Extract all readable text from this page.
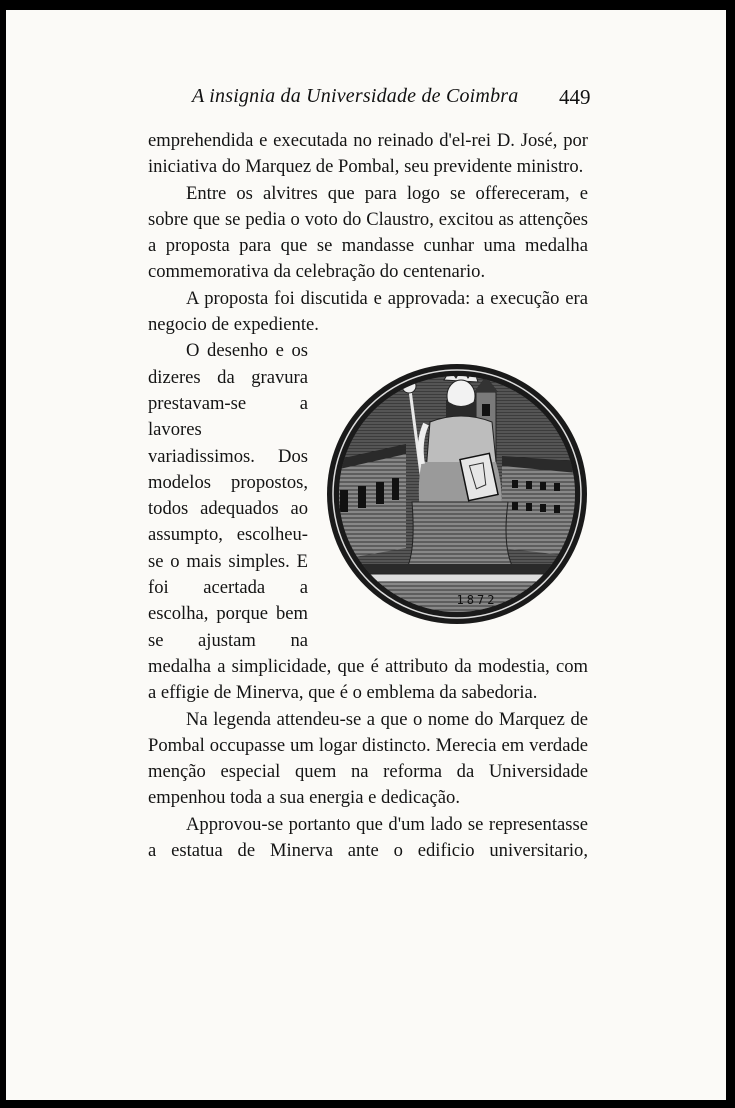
A insignia da Universidade de Coimbra 449

emprehendida e executada no reinado d'el-rei D. José, por iniciativa do Marquez de Pombal, seu previdente ministro.

Entre os alvitres que para logo se offereceram, e sobre que se pedia o voto do Claustro, excitou as attenções a proposta para que se mandasse cunhar uma medalha commemorativa da celebração do centenario.

A proposta foi discutida e approvada: a execução era negocio de expediente.

1872

O desenho e os dizeres da gravura prestavam-se a lavores variadissimos. Dos modelos propostos, todos adequados ao assumpto, escolheu-se o mais simples. E foi acertada a escolha, porque bem se ajustam na medalha a simplicidade, que é attributo da modestia, com a effigie de Minerva, que é o emblema da sabedoria.

Na legenda attendeu-se a que o nome do Marquez de Pombal occupasse um logar distincto. Merecia em verdade menção especial quem na reforma da Universidade empenhou toda a sua energia e dedicação.

Approvou-se portanto que d'um lado se representasse a estatua de Minerva ante o edificio universitario,
